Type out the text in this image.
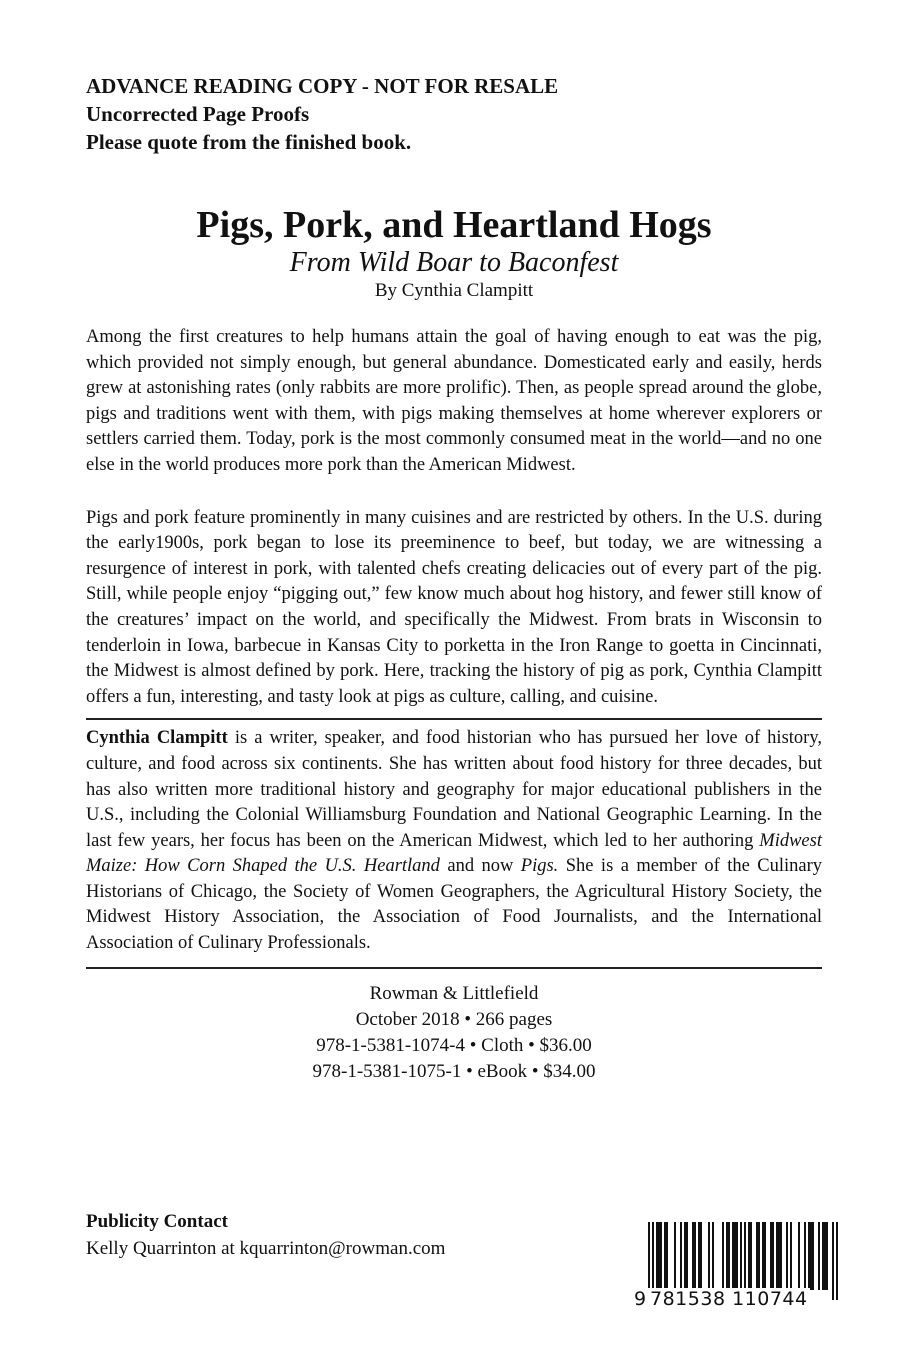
ADVANCE READING COPY - NOT FOR RESALE

Uncorrected Page Proofs

Please quote from the finished book.

Pigs, Pork, and Heartland Hogs

From Wild Boar to Baconfest

By Cynthia Clampitt

Among the first creatures to help humans attain the goal of having enough to eat was the pig, which provided not simply enough, but general abundance. Domesticated early and easily, herds grew at astonishing rates (only rabbits are more prolific). Then, as people spread around the globe, pigs and traditions went with them, with pigs making themselves at home wherever explorers or settlers carried them. Today, pork is the most commonly consumed meat in the world—and no one else in the world produces more pork than the American Midwest.

Pigs and pork feature prominently in many cuisines and are restricted by others. In the U.S. during the early1900s, pork began to lose its preeminence to beef, but today, we are witnessing a resurgence of interest in pork, with talented chefs creating delicacies out of every part of the pig. Still, while people enjoy “pigging out,” few know much about hog history, and fewer still know of the creatures’ impact on the world, and specifically the Midwest. From brats in Wisconsin to tenderloin in Iowa, barbecue in Kansas City to porketta in the Iron Range to goetta in Cincinnati, the Midwest is almost defined by pork. Here, tracking the history of pig as pork, Cynthia Clampitt offers a fun, interesting, and tasty look at pigs as culture, calling, and cuisine.

Cynthia Clampitt is a writer, speaker, and food historian who has pursued her love of history, culture, and food across six continents. She has written about food history for three decades, but has also written more traditional history and geography for major educational publishers in the U.S., including the Colonial Williamsburg Foundation and National Geographic Learning. In the last few years, her focus has been on the American Midwest, which led to her authoring Midwest Maize: How Corn Shaped the U.S. Heartland and now Pigs. She is a member of the Culinary Historians of Chicago, the Society of Women Geographers, the Agricultural History Society, the Midwest History Association, the Association of Food Journalists, and the International Association of Culinary Professionals.

Rowman & Littlefield
October 2018 • 266 pages
978-1-5381-1074-4 • Cloth • $36.00
978-1-5381-1075-1 • eBook • $34.00
Publicity Contact
Kelly Quarrinton at kquarrinton@rowman.com
9 781538 110744
